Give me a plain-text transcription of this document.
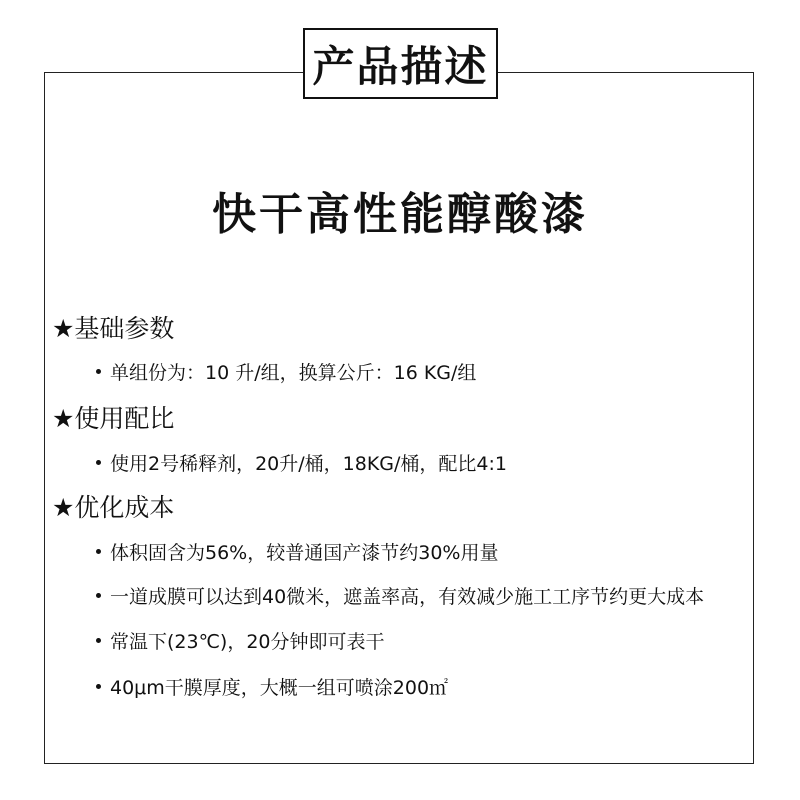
产品描述
快干高性能醇酸漆
★基础参数
单组份为：10 升/组，换算公斤：16 KG/组
★使用配比
使用2号稀释剂，20升/桶，18KG/桶，配比4:1
★优化成本
体积固含为56%，较普通国产漆节约30%用量
一道成膜可以达到40微米，遮盖率高，有效减少施工工序节约更大成本
常温下(23℃)，20分钟即可表干
40μm干膜厚度，大概一组可喷涂200㎡
